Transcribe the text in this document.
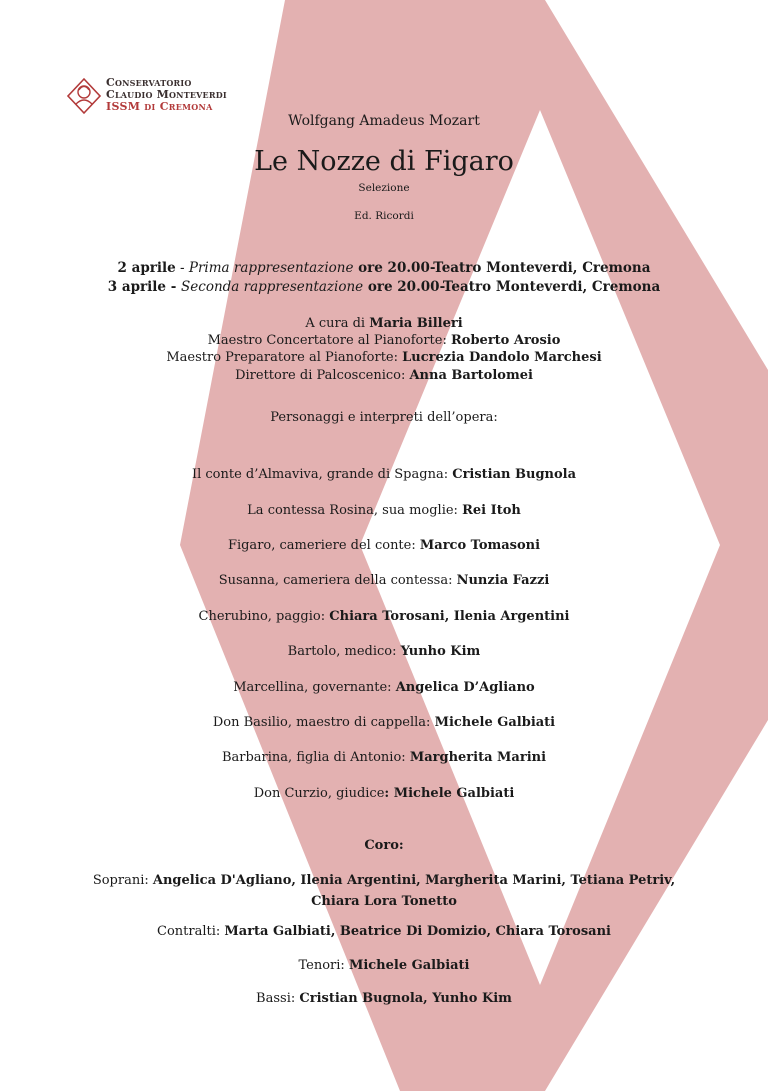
Conservatorio
Claudio Monteverdi
ISSM di Cremona
Wolfgang Amadeus Mozart
Le Nozze di Figaro
Selezione
Ed. Ricordi
2 aprile - Prima rappresentazione ore 20.00-Teatro Monteverdi, Cremona
3 aprile - Seconda rappresentazione ore 20.00-Teatro Monteverdi, Cremona
A cura di Maria Billeri
Maestro Concertatore al Pianoforte: Roberto Arosio
Maestro Preparatore al Pianoforte: Lucrezia Dandolo Marchesi
Direttore di Palcoscenico: Anna Bartolomei
Personaggi e interpreti dell’opera:
Il conte d’Almaviva, grande di Spagna: Cristian Bugnola
La contessa Rosina, sua moglie: Rei Itoh
Figaro, cameriere del conte: Marco Tomasoni
Susanna, cameriera della contessa: Nunzia Fazzi
Cherubino, paggio: Chiara Torosani, Ilenia Argentini
Bartolo, medico: Yunho Kim
Marcellina, governante: Angelica D’Agliano
Don Basilio, maestro di cappella: Michele Galbiati
Barbarina, figlia di Antonio: Margherita Marini
Don Curzio, giudice: Michele Galbiati
Coro:
Soprani: Angelica D'Agliano, Ilenia Argentini, Margherita Marini, Tetiana Petriv, Chiara Lora Tonetto
Contralti: Marta Galbiati, Beatrice Di Domizio, Chiara Torosani
Tenori: Michele Galbiati
Bassi: Cristian Bugnola, Yunho Kim
